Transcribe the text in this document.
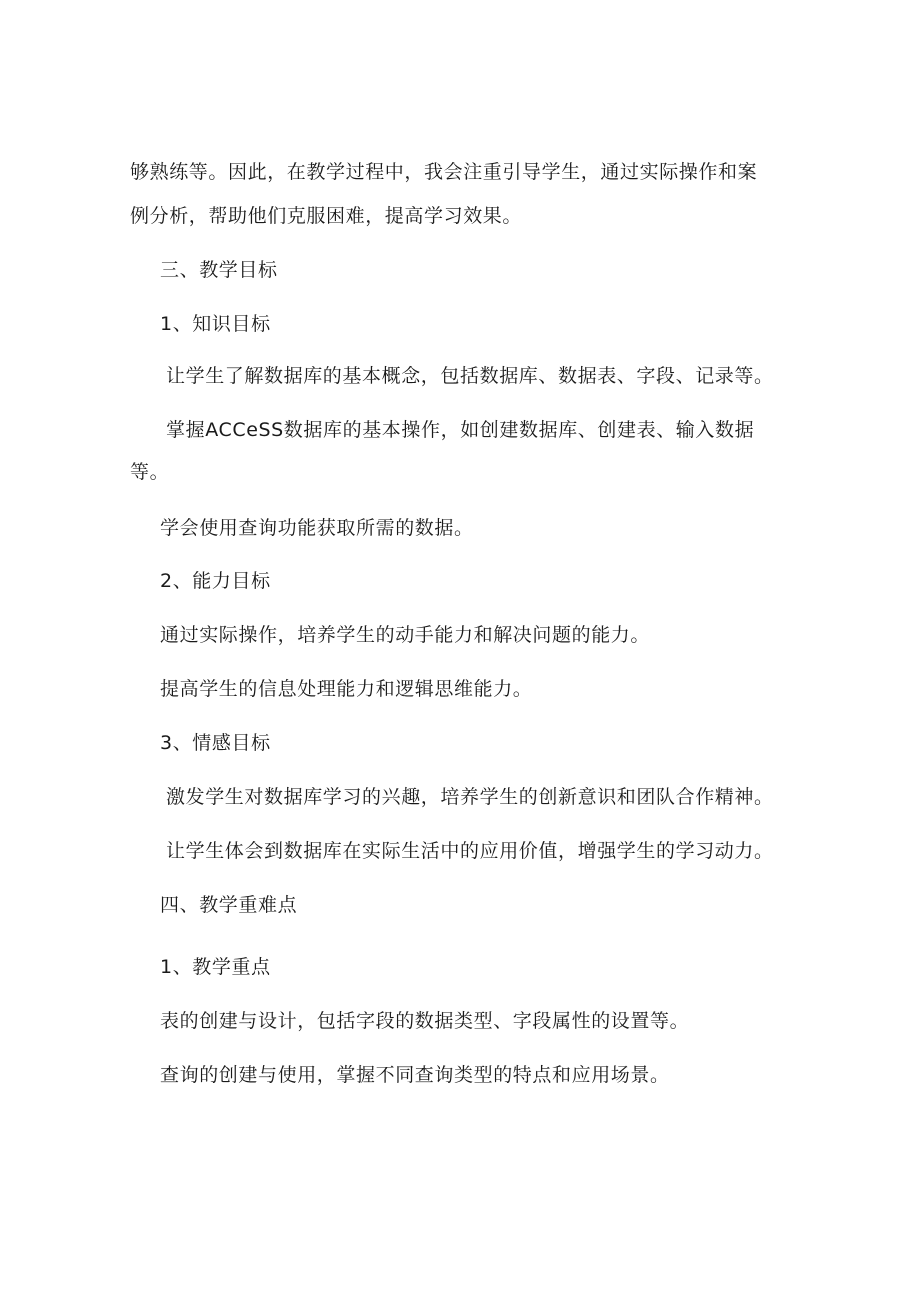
够熟练等。因此，在教学过程中，我会注重引导学生，通过实际操作和案
例分析，帮助他们克服困难，提高学习效果。
三、教学目标
1、知识目标
让学生了解数据库的基本概念，包括数据库、数据表、字段、记录等。
掌握ACCeSS数据库的基本操作，如创建数据库、创建表、输入数据
等。
学会使用查询功能获取所需的数据。
2、能力目标
通过实际操作，培养学生的动手能力和解决问题的能力。
提高学生的信息处理能力和逻辑思维能力。
3、情感目标
激发学生对数据库学习的兴趣，培养学生的创新意识和团队合作精神。
让学生体会到数据库在实际生活中的应用价值，增强学生的学习动力。
四、教学重难点
1、教学重点
表的创建与设计，包括字段的数据类型、字段属性的设置等。
查询的创建与使用，掌握不同查询类型的特点和应用场景。
